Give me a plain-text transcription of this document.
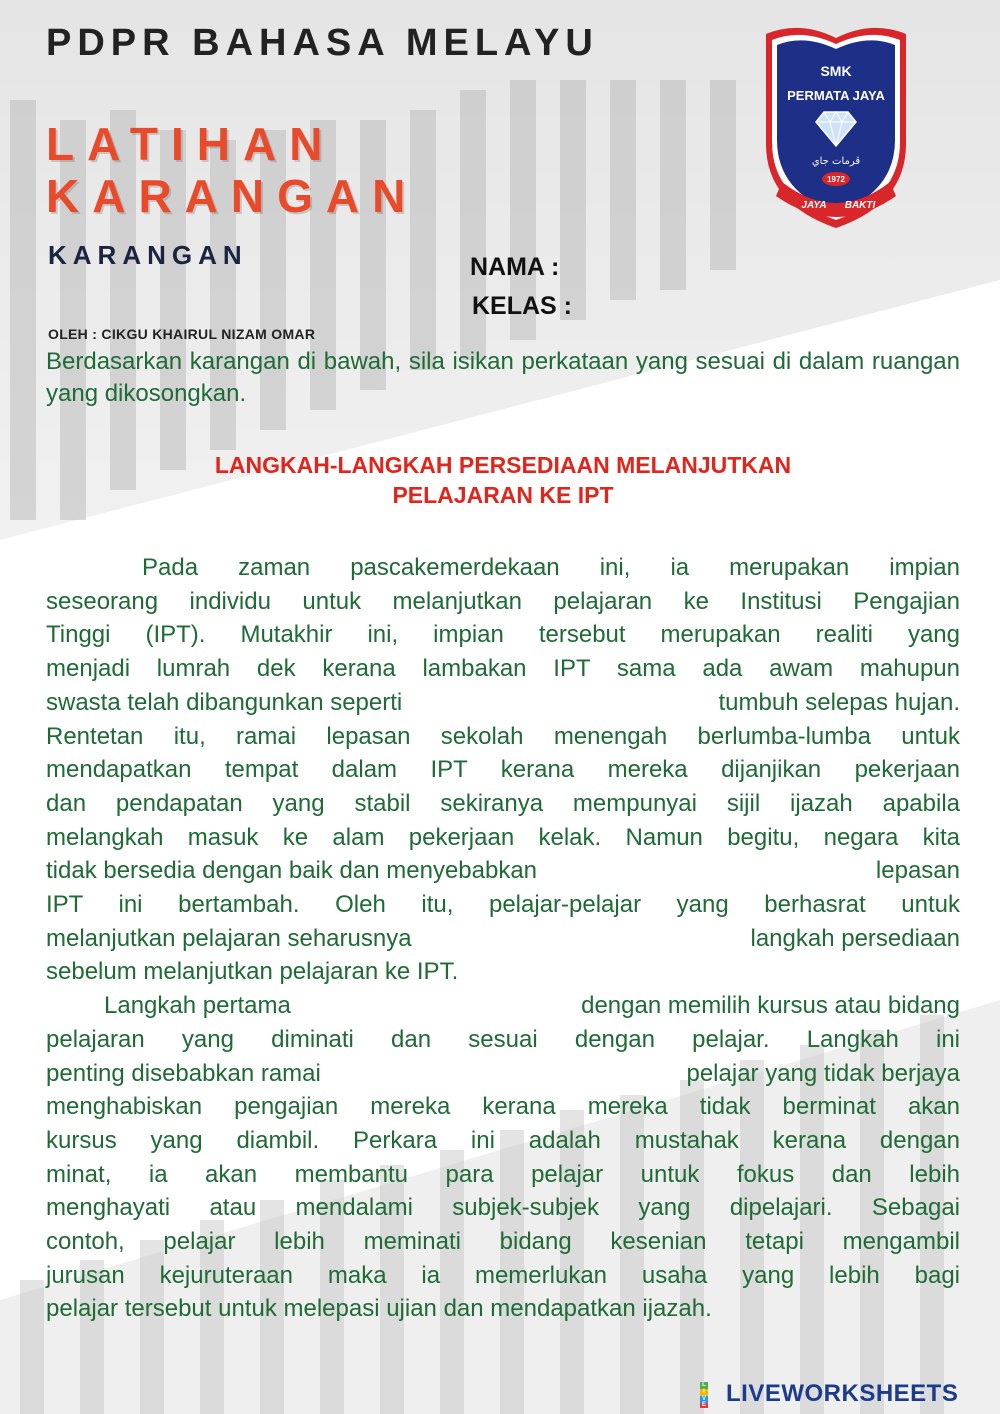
PDPR BAHASA MELAYU
LATIHAN
KARANGAN
KARANGAN
OLEH : CIKGU KHAIRUL NIZAM OMAR
NAMA :
KELAS :
SMK
PERMATA JAYA
ڤرمات جاي
1972
JAYA BAKTI
Berdasarkan karangan di bawah, sila isikan perkataan yang sesuai di dalam ruangan yang dikosongkan.
LANGKAH-LANGKAH PERSEDIAAN MELANJUTKAN
PELAJARAN KE IPT

Pada zaman pascakemerdekaan ini, ia merupakan impian
seseorang individu untuk melanjutkan pelajaran ke Institusi Pengajian
Tinggi (IPT). Mutakhir ini, impian tersebut merupakan realiti yang
menjadi lumrah dek kerana lambakan IPT sama ada awam mahupun
swasta telah dibangunkan seperti	tumbuh selepas hujan.
Rentetan itu, ramai lepasan sekolah menengah berlumba-lumba untuk
mendapatkan tempat dalam IPT kerana mereka dijanjikan pekerjaan
dan pendapatan yang stabil sekiranya mempunyai sijil ijazah apabila
melangkah masuk ke alam pekerjaan kelak. Namun begitu, negara kita
tidak bersedia dengan baik dan menyebabkan	lepasan
IPT ini bertambah. Oleh itu, pelajar-pelajar yang berhasrat untuk
melanjutkan pelajaran seharusnya	langkah persediaan
sebelum melanjutkan pelajaran ke IPT.

Langkah pertama	dengan memilih kursus atau bidang
pelajaran yang diminati dan sesuai dengan pelajar. Langkah ini
penting disebabkan ramai	pelajar yang tidak berjaya
menghabiskan pengajian mereka kerana mereka tidak berminat akan
kursus yang diambil. Perkara ini adalah mustahak kerana dengan
minat, ia akan membantu para pelajar untuk fokus dan lebih
menghayati atau mendalami subjek-subjek yang dipelajari. Sebagai
contoh, pelajar lebih meminati bidang kesenian tetapi mengambil
jurusan kejuruteraan maka ia memerlukan usaha yang lebih bagi
pelajar tersebut untuk melepasi ujian dan mendapatkan ijazah.

L
I
V
E LIVEWORKSHEETS
